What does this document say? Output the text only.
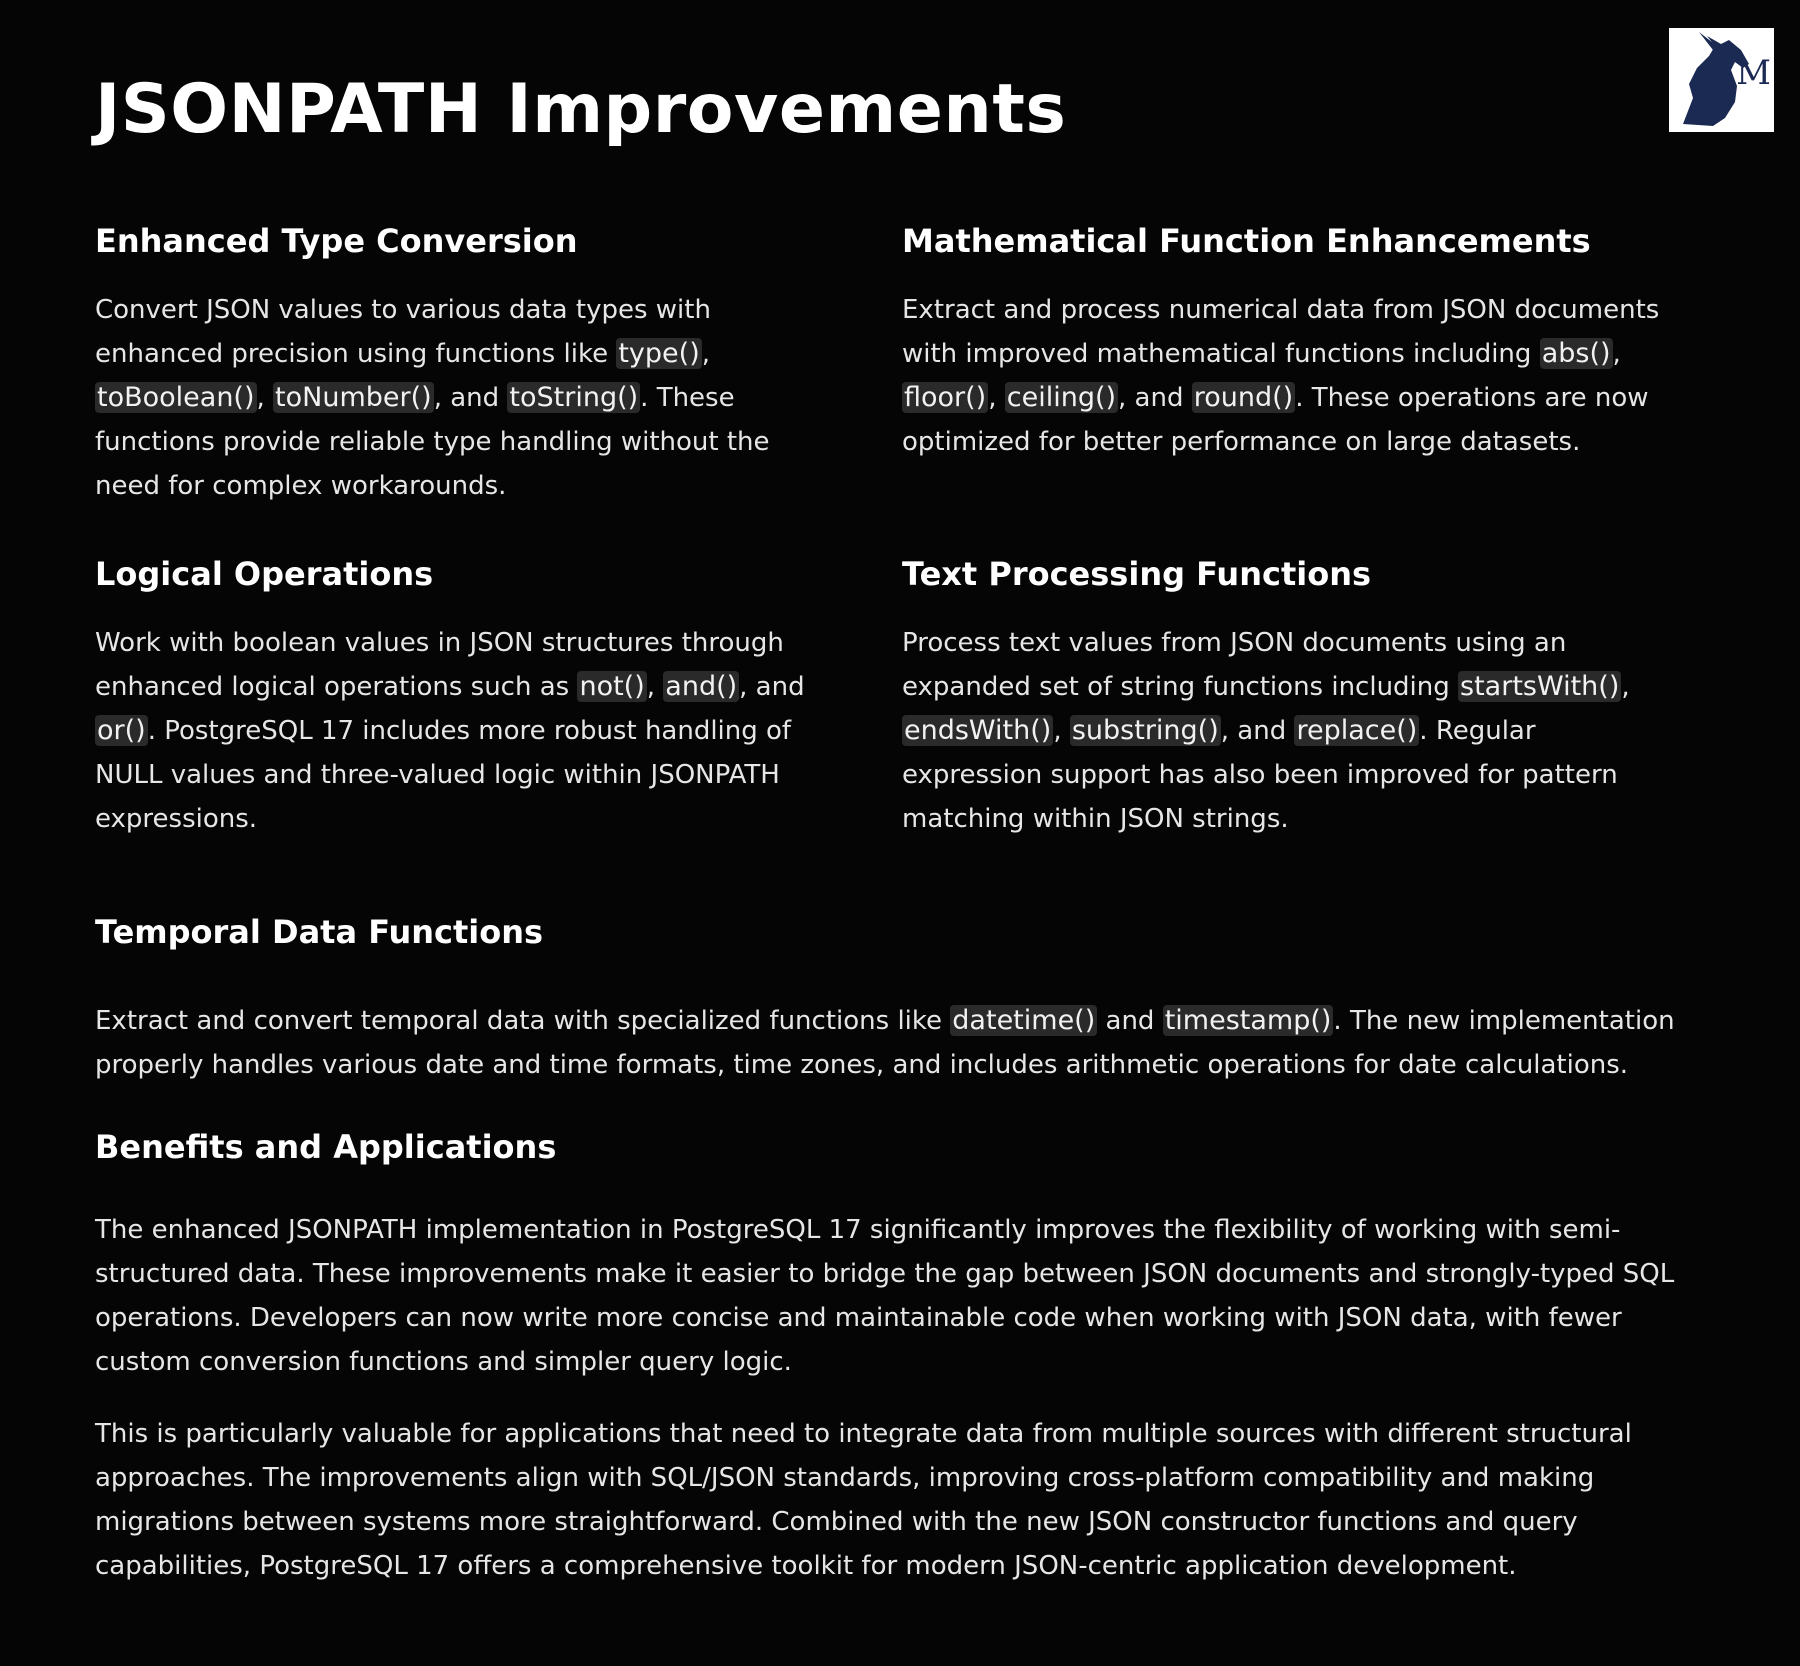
JSONPATH Improvements	M
Enhanced Type Conversion

Convert JSON values to various data types with enhanced precision using functions like type(), toBoolean(), toNumber(), and toString(). These functions provide reliable type handling without the need for complex workarounds.

Mathematical Function Enhancements

Extract and process numerical data from JSON documents with improved mathematical functions including abs(), floor(), ceiling(), and round(). These operations are now optimized for better performance on large datasets.

Logical Operations

Work with boolean values in JSON structures through enhanced logical operations such as not(), and(), and or(). PostgreSQL 17 includes more robust handling of NULL values and three-valued logic within JSONPATH expressions.

Text Processing Functions

Process text values from JSON documents using an expanded set of string functions including startsWith(), endsWith(), substring(), and replace(). Regular expression support has also been improved for pattern matching within JSON strings.

Temporal Data Functions

Extract and convert temporal data with specialized functions like datetime() and timestamp(). The new implementation properly handles various date and time formats, time zones, and includes arithmetic operations for date calculations.

Benefits and Applications

The enhanced JSONPATH implementation in PostgreSQL 17 significantly improves the flexibility of working with semi-structured data. These improvements make it easier to bridge the gap between JSON documents and strongly-typed SQL operations. Developers can now write more concise and maintainable code when working with JSON data, with fewer custom conversion functions and simpler query logic.

This is particularly valuable for applications that need to integrate data from multiple sources with different structural approaches. The improvements align with SQL/JSON standards, improving cross-platform compatibility and making migrations between systems more straightforward. Combined with the new JSON constructor functions and query capabilities, PostgreSQL 17 offers a comprehensive toolkit for modern JSON-centric application development.
